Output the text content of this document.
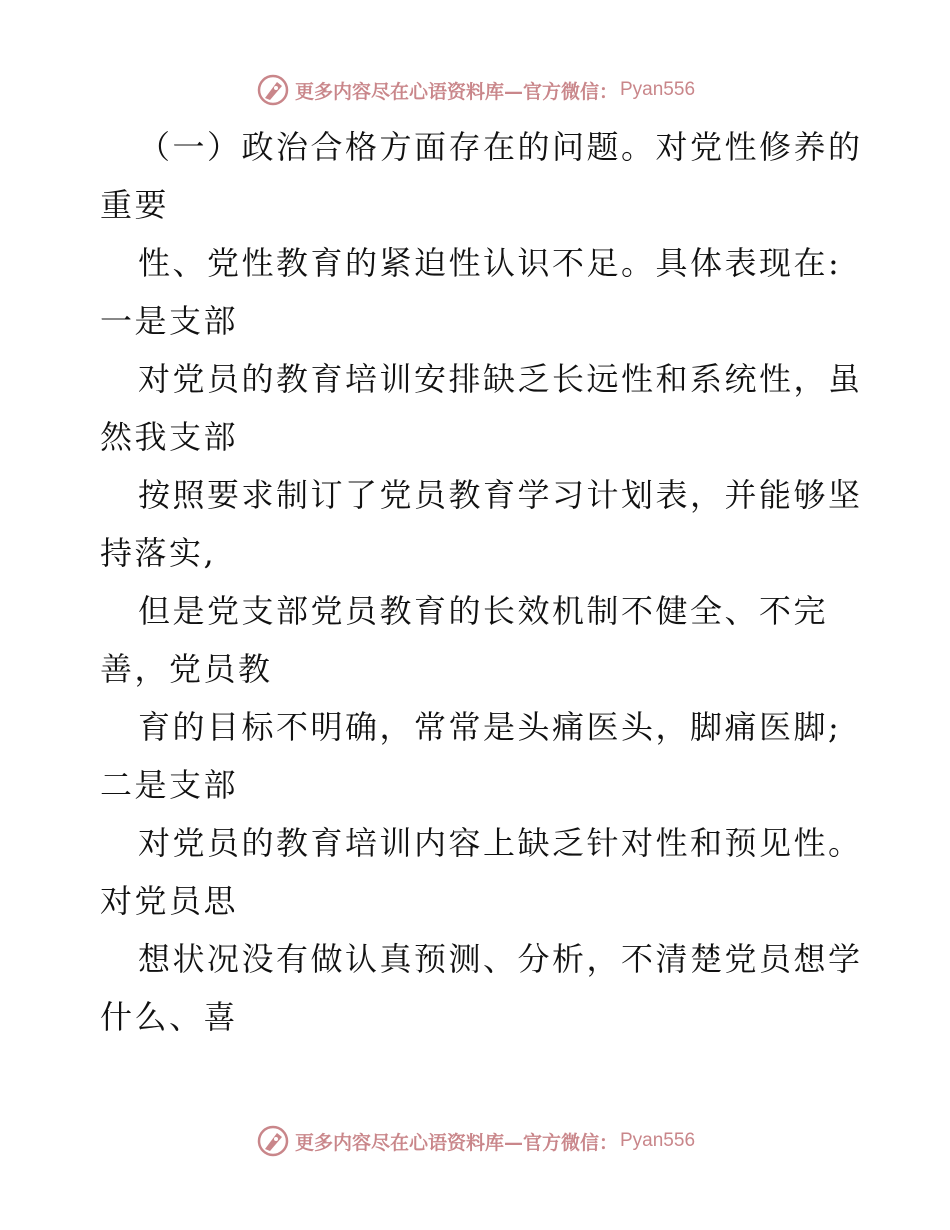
更多内容尽在心语资料库—官方微信： Pyan556
（一）政治合格方面存在的问题。对党性修养的
重要
性、党性教育的紧迫性认识不足。具体表现在:
一是支部
对党员的教育培训安排缺乏长远性和系统性，虽
然我支部
按照要求制订了党员教育学习计划表，并能够坚
持落实,
但是党支部党员教育的长效机制不健全、不完
善，党员教
育的目标不明确，常常是头痛医头，脚痛医脚;
二是支部
对党员的教育培训内容上缺乏针对性和预见性。
对党员思
想状况没有做认真预测、分析，不清楚党员想学
什么、喜
更多内容尽在心语资料库—官方微信： Pyan556
